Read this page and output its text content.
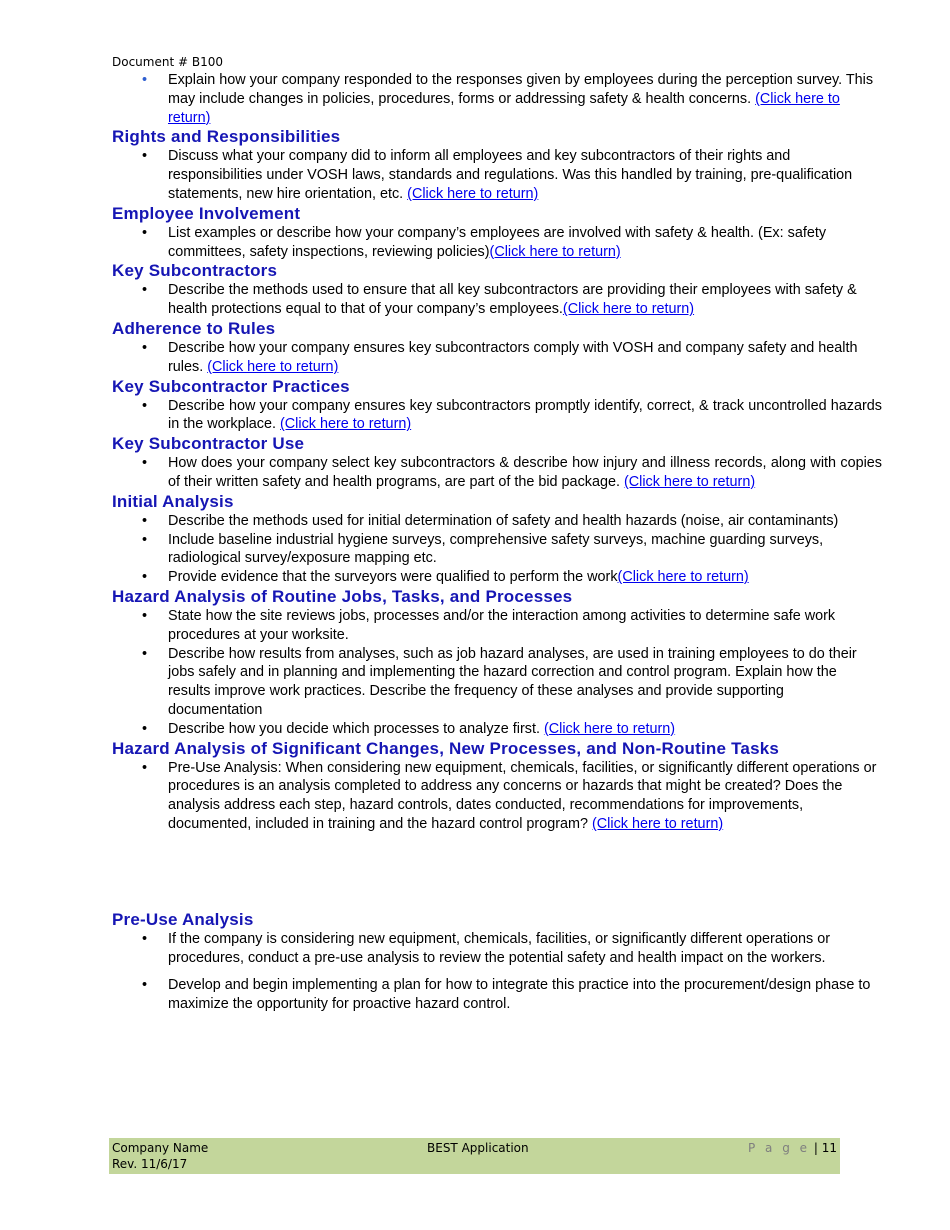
Document # B100
• Explain how your company responded to the responses given by employees during the perception survey. This may include changes in policies, procedures, forms or addressing safety & health concerns. (Click here to return)
Rights and Responsibilities
• Discuss what your company did to inform all employees and key subcontractors of their rights and responsibilities under VOSH laws, standards and regulations. Was this handled by training, pre-qualification statements, new hire orientation, etc. (Click here to return)
Employee Involvement
• List examples or describe how your company’s employees are involved with safety & health. (Ex: safety committees, safety inspections, reviewing policies)(Click here to return)
Key Subcontractors
• Describe the methods used to ensure that all key subcontractors are providing their employees with safety & health protections equal to that of your company’s employees.(Click here to return)
Adherence to Rules
• Describe how your company ensures key subcontractors comply with VOSH and company safety and health rules. (Click here to return)
Key Subcontractor Practices
• Describe how your company ensures key subcontractors promptly identify, correct, & track uncontrolled hazards in the workplace. (Click here to return)
Key Subcontractor Use
• How does your company select key subcontractors & describe how injury and illness records, along with copies of their written safety and health programs, are part of the bid package. (Click here to return)
Initial Analysis
• Describe the methods used for initial determination of safety and health hazards (noise, air contaminants)
• Include baseline industrial hygiene surveys, comprehensive safety surveys, machine guarding surveys, radiological survey/exposure mapping etc.
• Provide evidence that the surveyors were qualified to perform the work(Click here to return)
Hazard Analysis of Routine Jobs, Tasks, and Processes
• State how the site reviews jobs, processes and/or the interaction among activities to determine safe work procedures at your worksite.
• Describe how results from analyses, such as job hazard analyses, are used in training employees to do their jobs safely and in planning and implementing the hazard correction and control program. Explain how the results improve work practices. Describe the frequency of these analyses and provide supporting documentation
• Describe how you decide which processes to analyze first. (Click here to return)
Hazard Analysis of Significant Changes, New Processes, and Non-Routine Tasks
• Pre-Use Analysis: When considering new equipment, chemicals, facilities, or significantly different operations or procedures is an analysis completed to address any concerns or hazards that might be created? Does the analysis address each step, hazard controls, dates conducted, recommendations for improvements, documented, included in training and the hazard control program? (Click here to return)
Pre-Use Analysis
• If the company is considering new equipment, chemicals, facilities, or significantly different operations or procedures, conduct a pre-use analysis to review the potential safety and health impact on the workers.
• Develop and begin implementing a plan for how to integrate this practice into the procurement/design phase to maximize the opportunity for proactive hazard control.
Company Name
Rev. 11/6/17
BEST Application	P a g e | 11
